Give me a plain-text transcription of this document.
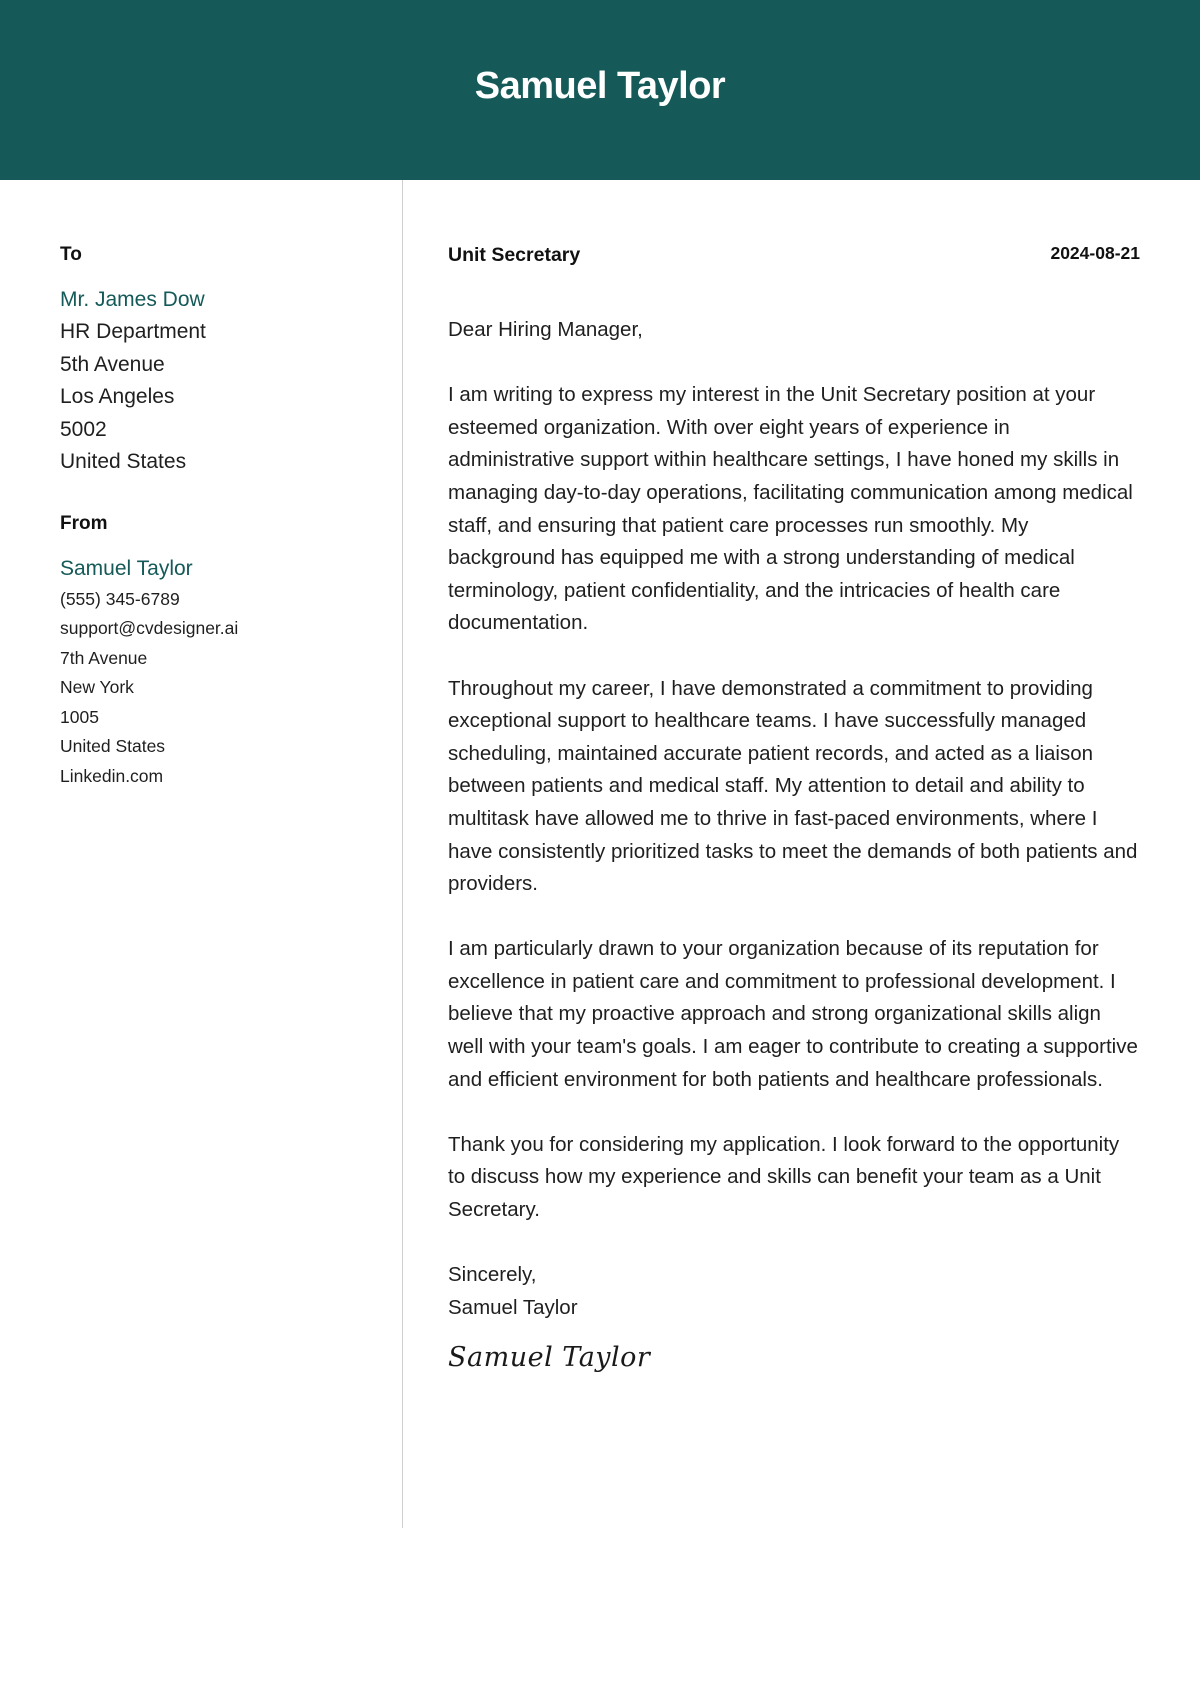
Samuel Taylor
To
Mr. James Dow
HR Department
5th Avenue
Los Angeles
5002
United States
From
Samuel Taylor
(555) 345-6789
support@cvdesigner.ai
7th Avenue
New York
1005
United States
Linkedin.com
Unit Secretary	2024-08-21

Dear Hiring Manager,

I am writing to express my interest in the Unit Secretary position at your esteemed organization. With over eight years of experience in administrative support within healthcare settings, I have honed my skills in managing day-to-day operations, facilitating communication among medical staff, and ensuring that patient care processes run smoothly. My background has equipped me with a strong understanding of medical terminology, patient confidentiality, and the intricacies of health care documentation.

Throughout my career, I have demonstrated a commitment to providing exceptional support to healthcare teams. I have successfully managed scheduling, maintained accurate patient records, and acted as a liaison between patients and medical staff. My attention to detail and ability to multitask have allowed me to thrive in fast-paced environments, where I have consistently prioritized tasks to meet the demands of both patients and providers.

I am particularly drawn to your organization because of its reputation for excellence in patient care and commitment to professional development. I believe that my proactive approach and strong organizational skills align well with your team's goals. I am eager to contribute to creating a supportive and efficient environment for both patients and healthcare professionals.

Thank you for considering my application. I look forward to the opportunity to discuss how my experience and skills can benefit your team as a Unit Secretary.

Sincerely,
Samuel Taylor
Samuel Taylor
